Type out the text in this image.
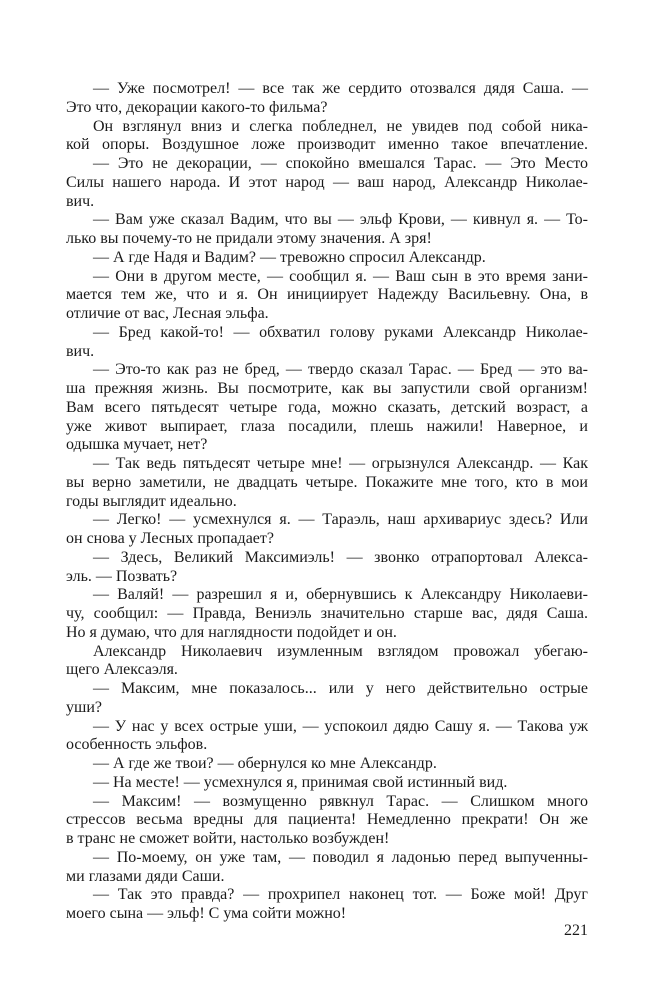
— Уже посмотрел! — все так же сердито отозвался дядя Саша. —
Это что, декорации какого-то фильма?
Он взглянул вниз и слегка побледнел, не увидев под собой ника-
кой опоры. Воздушное ложе производит именно такое впечатление.
— Это не декорации, — спокойно вмешался Тарас. — Это Место
Силы нашего народа. И этот народ — ваш народ, Александр Николае-
вич.
— Вам уже сказал Вадим, что вы — эльф Крови, — кивнул я. — То-
лько вы почему-то не придали этому значения. А зря!
— А где Надя и Вадим? — тревожно спросил Александр.
— Они в другом месте, — сообщил я. — Ваш сын в это время зани-
мается тем же, что и я. Он инициирует Надежду Васильевну. Она, в
отличие от вас, Лесная эльфа.
— Бред какой-то! — обхватил голову руками Александр Николае-
вич.
— Это-то как раз не бред, — твердо сказал Тарас. — Бред — это ва-
ша прежняя жизнь. Вы посмотрите, как вы запустили свой организм!
Вам всего пятьдесят четыре года, можно сказать, детский возраст, а
уже живот выпирает, глаза посадили, плешь нажили! Наверное, и
одышка мучает, нет?
— Так ведь пятьдесят четыре мне! — огрызнулся Александр. — Как
вы верно заметили, не двадцать четыре. Покажите мне того, кто в мои
годы выглядит идеально.
— Легко! — усмехнулся я. — Тараэль, наш архивариус здесь? Или
он снова у Лесных пропадает?
— Здесь, Великий Максимиэль! — звонко отрапортовал Алекса-
эль. — Позвать?
— Валяй! — разрешил я и, обернувшись к Александру Николаеви-
чу, сообщил: — Правда, Вениэль значительно старше вас, дядя Саша.
Но я думаю, что для наглядности подойдет и он.
Александр Николаевич изумленным взглядом провожал убегаю-
щего Алексаэля.
— Максим, мне показалось... или у него действительно острые
уши?
— У нас у всех острые уши, — успокоил дядю Сашу я. — Такова уж
особенность эльфов.
— А где же твои? — обернулся ко мне Александр.
— На месте! — усмехнулся я, принимая свой истинный вид.
— Максим! — возмущенно рявкнул Тарас. — Слишком много
стрессов весьма вредны для пациента! Немедленно прекрати! Он же
в транс не сможет войти, настолько возбужден!
— По-моему, он уже там, — поводил я ладонью перед выпученны-
ми глазами дяди Саши.
— Так это правда? — прохрипел наконец тот. — Боже мой! Друг
моего сына — эльф! С ума сойти можно!
221
